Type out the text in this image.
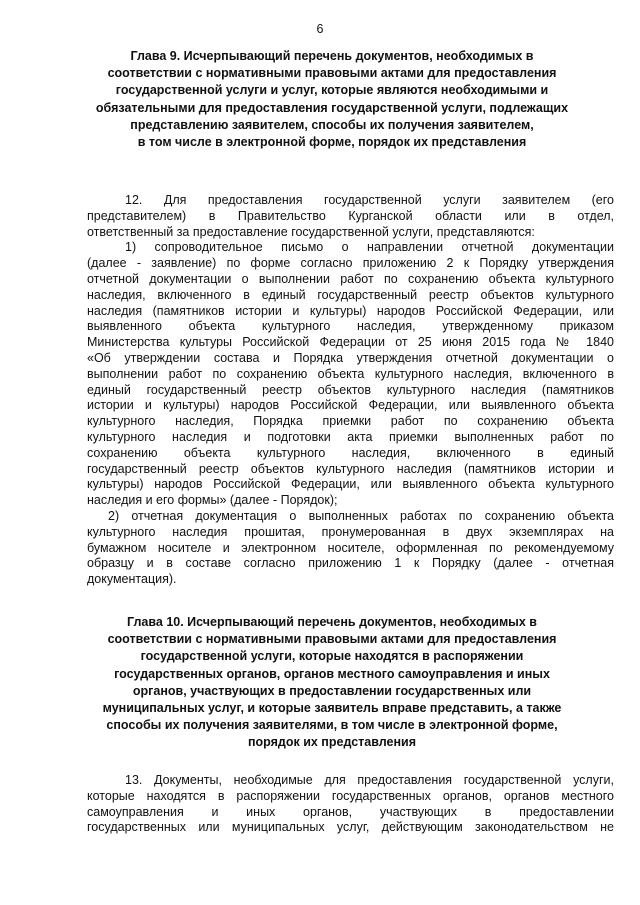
6
Глава 9. Исчерпывающий перечень документов, необходимых в
соответствии с нормативными правовыми актами для предоставления
государственной услуги и услуг, которые являются необходимыми и
обязательными для предоставления государственной услуги, подлежащих
представлению заявителем, способы их получения заявителем,
в том числе в электронной форме, порядок их представления
12. Для предоставления государственной услуги заявителем (его
представителем) в Правительство Курганской области или в отдел,
ответственный за предоставление государственной услуги, представляются:
1) сопроводительное письмо о направлении отчетной документации
(далее - заявление) по форме согласно приложению 2 к Порядку утверждения
отчетной документации о выполнении работ по сохранению объекта культурного
наследия, включенного в единый государственный реестр объектов культурного
наследия (памятников истории и культуры) народов Российской Федерации, или
выявленного объекта культурного наследия, утвержденному приказом
Министерства культуры Российской Федерации от 25 июня 2015 года № 1840
«Об утверждении состава и Порядка утверждения отчетной документации о
выполнении работ по сохранению объекта культурного наследия, включенного в
единый государственный реестр объектов культурного наследия (памятников
истории и культуры) народов Российской Федерации, или выявленного объекта
культурного наследия, Порядка приемки работ по сохранению объекта
культурного наследия и подготовки акта приемки выполненных работ по
сохранению объекта культурного наследия, включенного в единый
государственный реестр объектов культурного наследия (памятников истории и
культуры) народов Российской Федерации, или выявленного объекта культурного
наследия и его формы» (далее - Порядок);
2) отчетная документация о выполненных работах по сохранению объекта
культурного наследия прошитая, пронумерованная в двух экземплярах на
бумажном носителе и электронном носителе, оформленная по рекомендуемому
образцу и в составе согласно приложению 1 к Порядку (далее - отчетная
документация).
Глава 10. Исчерпывающий перечень документов, необходимых в
соответствии с нормативными правовыми актами для предоставления
государственной услуги, которые находятся в распоряжении
государственных органов, органов местного самоуправления и иных
органов, участвующих в предоставлении государственных или
муниципальных услуг, и которые заявитель вправе представить, а также
способы их получения заявителями, в том числе в электронной форме,
порядок их представления
13. Документы, необходимые для предоставления государственной услуги,
которые находятся в распоряжении государственных органов, органов местного
самоуправления и иных органов, участвующих в предоставлении
государственных или муниципальных услуг, действующим законодательством не
